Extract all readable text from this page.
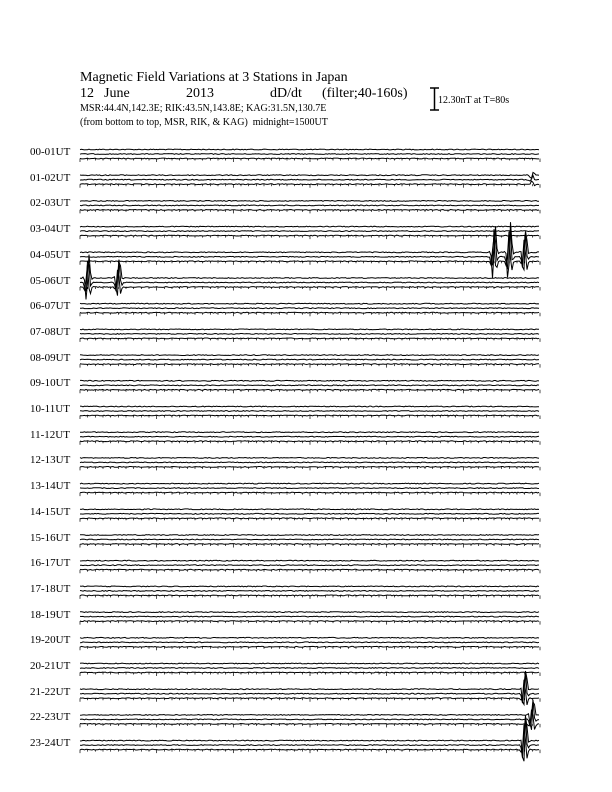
Magnetic Field Variations at 3 Stations in Japan
12 June	2013	dD/dt (filter;40-160s)
MSR:44.4N,142.3E; RIK:43.5N,143.8E; KAG:31.5N,130.7E
(from bottom to top, MSR, RIK, & KAG) midnight=1500UT
12.30nT at T=80s
00-01UT
01-02UT
02-03UT
03-04UT
04-05UT
05-06UT
06-07UT
07-08UT
08-09UT
09-10UT
10-11UT
11-12UT
12-13UT
13-14UT
14-15UT
15-16UT
16-17UT
17-18UT
18-19UT
19-20UT
20-21UT
21-22UT
22-23UT
23-24UT
